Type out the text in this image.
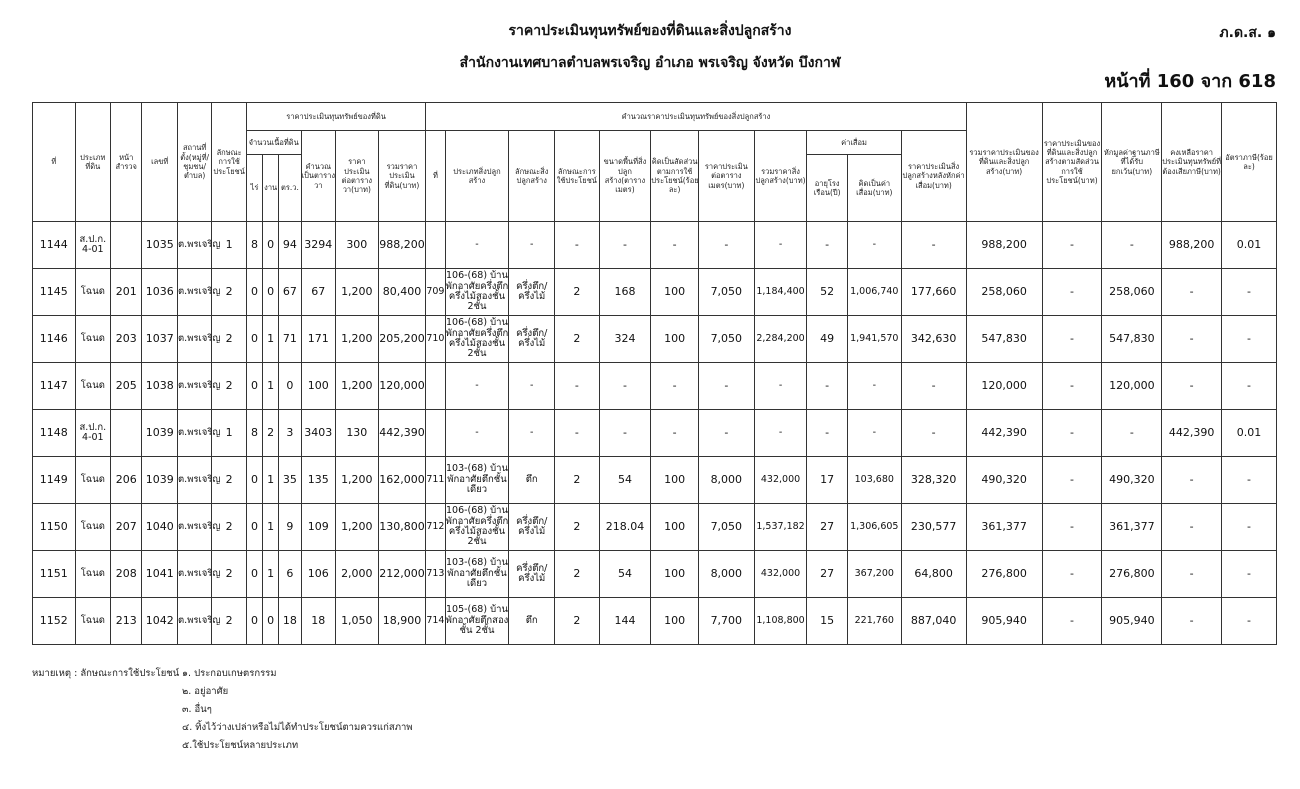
ราคาประเมินทุนทรัพย์ของที่ดินและสิ่งปลูกสร้าง
สำนักงานเทศบาลตำบลพรเจริญ อำเภอ พรเจริญ จังหวัด บึงกาฬ
ภ.ด.ส. ๑
หน้าที่ 160 จาก 618
ที่	ประเภทที่ดิน	หน้าสำรวจ	เลขที่	สถานที่ตั้ง(หมู่ที่/ชุมชน/ตำบล)	ลักษณะการใช้ประโยชน์	ราคาประเมินทุนทรัพย์ของที่ดิน						คำนวณราคาประเมินทุนทรัพย์ของสิ่งปลูกสร้าง											รวมราคาประเมินของที่ดินและสิ่งปลูกสร้าง(บาท)	ราคาประเมินของที่ดินและสิ่งปลูกสร้างตามสัดส่วนการใช้ประโยชน์(บาท)	หักมูลค่าฐานภาษีที่ได้รับยกเว้น(บาท)	คงเหลือราคาประเมินทุนทรัพย์ที่ต้องเสียภาษี(บาท)	อัตราภาษี(ร้อยละ)
						จำนวนเนื้อที่ดิน			คำนวณเป็นตารางวา	ราคาประเมินต่อตารางวา(บาท)	รวมราคาประเมินที่ดิน(บาท)	ที่	ประเภทสิ่งปลูกสร้าง	ลักษณะสิ่งปลูกสร้าง	ลักษณะการใช้ประโยชน์	ขนาดพื้นที่สิ่งปลูกสร้าง(ตารางเมตร)	คิดเป็นสัดส่วนตามการใช้ประโยชน์(ร้อยละ)	ราคาประเมินต่อตารางเมตร(บาท)	รวมราคาสิ่งปลูกสร้าง(บาท)	ค่าเสื่อม		ราคาประเมินสิ่งปลูกสร้างหลังหักค่าเสื่อม(บาท)					
						ไร่	งาน	ตร.ว.												อายุโรงเรือน(ปี)	คิดเป็นค่าเสื่อม(บาท)						
1144	ส.ป.ก. 4-01		1035	ต.พรเจริญ	1	8	0	94	3294	300	988,200		-	-	-	-	-	-	-	-	-	-	988,200	-	-	988,200	0.01
1145	โฉนด	201	1036	ต.พรเจริญ	2	0	0	67	67	1,200	80,400	709	106-(68) บ้านพักอาศัยครึ่งตึกครึ่งไม้สองชั้น 2ชั้น	ครึ่งตึก/ครึ่งไม้	2	168	100	7,050	1,184,400	52	1,006,740	177,660	258,060	-	258,060	-	-
1146	โฉนด	203	1037	ต.พรเจริญ	2	0	1	71	171	1,200	205,200	710	106-(68) บ้านพักอาศัยครึ่งตึกครึ่งไม้สองชั้น 2ชั้น	ครึ่งตึก/ครึ่งไม้	2	324	100	7,050	2,284,200	49	1,941,570	342,630	547,830	-	547,830	-	-
1147	โฉนด	205	1038	ต.พรเจริญ	2	0	1	0	100	1,200	120,000		-	-	-	-	-	-	-	-	-	-	120,000	-	120,000	-	-
1148	ส.ป.ก. 4-01		1039	ต.พรเจริญ	1	8	2	3	3403	130	442,390		-	-	-	-	-	-	-	-	-	-	442,390	-	-	442,390	0.01
1149	โฉนด	206	1039	ต.พรเจริญ	2	0	1	35	135	1,200	162,000	711	103-(68) บ้านพักอาศัยตึกชั้นเดียว	ตึก	2	54	100	8,000	432,000	17	103,680	328,320	490,320	-	490,320	-	-
1150	โฉนด	207	1040	ต.พรเจริญ	2	0	1	9	109	1,200	130,800	712	106-(68) บ้านพักอาศัยครึ่งตึกครึ่งไม้สองชั้น 2ชั้น	ครึ่งตึก/ครึ่งไม้	2	218.04	100	7,050	1,537,182	27	1,306,605	230,577	361,377	-	361,377	-	-
1151	โฉนด	208	1041	ต.พรเจริญ	2	0	1	6	106	2,000	212,000	713	103-(68) บ้านพักอาศัยตึกชั้นเดียว	ครึ่งตึก/ครึ่งไม้	2	54	100	8,000	432,000	27	367,200	64,800	276,800	-	276,800	-	-
1152	โฉนด	213	1042	ต.พรเจริญ	2	0	0	18	18	1,050	18,900	714	105-(68) บ้านพักอาศัยตึกสองชั้น 2ชั้น	ตึก	2	144	100	7,700	1,108,800	15	221,760	887,040	905,940	-	905,940	-	-
หมายเหตุ : ลักษณะการใช้ประโยชน์ ๑. ประกอบเกษตรกรรม
๒. อยู่อาศัย
๓. อื่นๆ
๔. ทิ้งไว้ว่างเปล่าหรือไม่ได้ทำประโยชน์ตามควรแก่สภาพ
๕.ใช้ประโยชน์หลายประเภท
